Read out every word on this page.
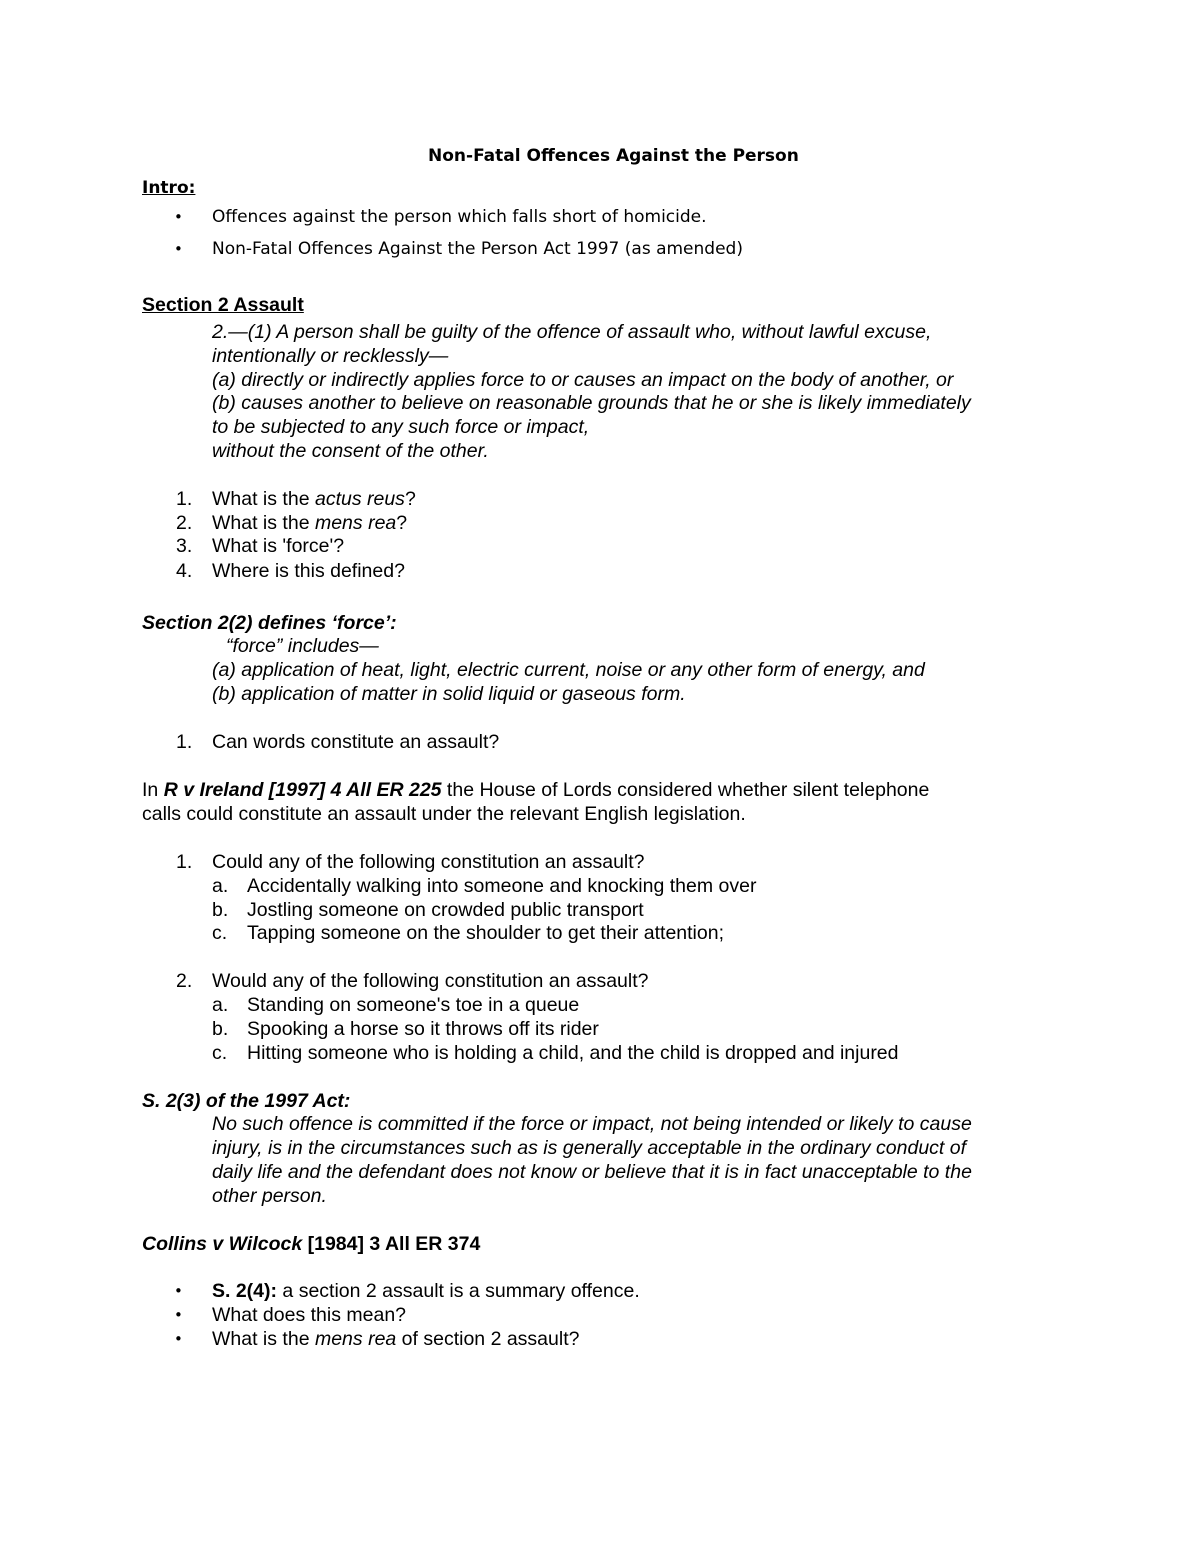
Non-Fatal Offences Against the Person
Intro:
• Offences against the person which falls short of homicide.
• Non-Fatal Offences Against the Person Act 1997 (as amended)
Section 2 Assault
2.—(1) A person shall be guilty of the offence of assault who, without lawful excuse,
intentionally or recklessly—
(a) directly or indirectly applies force to or causes an impact on the body of another, or
(b) causes another to believe on reasonable grounds that he or she is likely immediately
to be subjected to any such force or impact,
without the consent of the other.
1. What is the actus reus?
2. What is the mens rea?
3. What is 'force'?
4. Where is this defined?
Section 2(2) defines ‘force’:
“force” includes—
(a) application of heat, light, electric current, noise or any other form of energy, and
(b) application of matter in solid liquid or gaseous form.
1. Can words constitute an assault?
In R v Ireland [1997] 4 All ER 225 the House of Lords considered whether silent telephone
calls could constitute an assault under the relevant English legislation.
1. Could any of the following constitution an assault?
a. Accidentally walking into someone and knocking them over
b. Jostling someone on crowded public transport
c. Tapping someone on the shoulder to get their attention;
2. Would any of the following constitution an assault?
a. Standing on someone's toe in a queue
b. Spooking a horse so it throws off its rider
c. Hitting someone who is holding a child, and the child is dropped and injured
S. 2(3) of the 1997 Act:
No such offence is committed if the force or impact, not being intended or likely to cause
injury, is in the circumstances such as is generally acceptable in the ordinary conduct of
daily life and the defendant does not know or believe that it is in fact unacceptable to the
other person.
Collins v Wilcock [1984] 3 All ER 374
• S. 2(4): a section 2 assault is a summary offence.
• What does this mean?
• What is the mens rea of section 2 assault?
